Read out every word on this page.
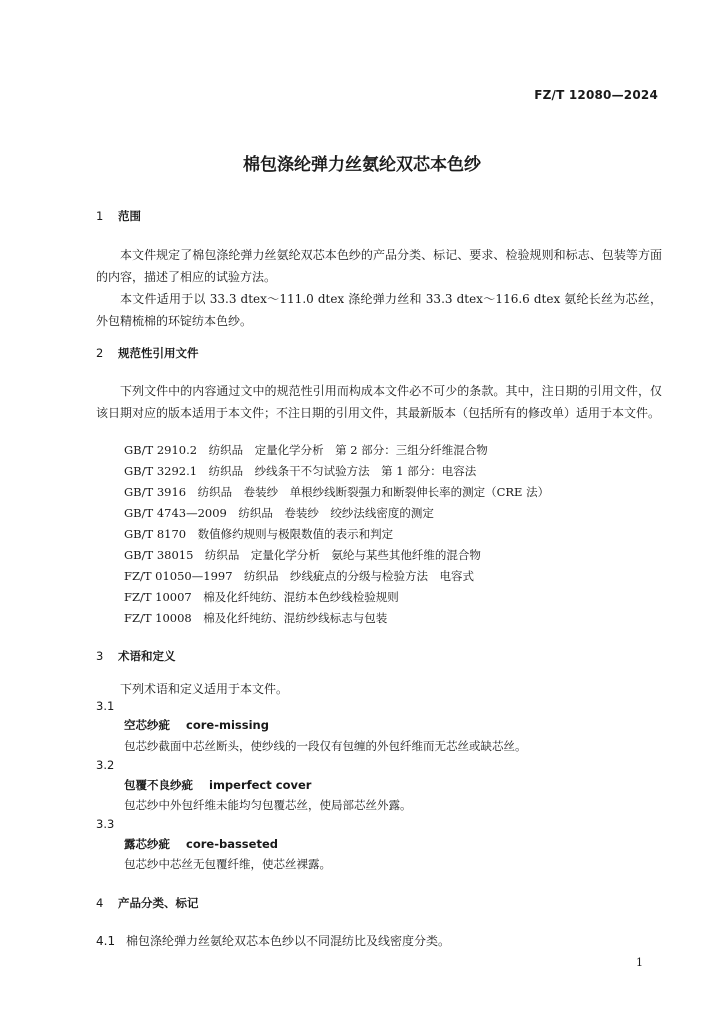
FZ/T 12080—2024
棉包涤纶弹力丝氨纶双芯本色纱
1 范围
本文件规定了棉包涤纶弹力丝氨纶双芯本色纱的产品分类、标记、要求、检验规则和标志、包装等方面的内容，描述了相应的试验方法。
本文件适用于以 33.3 dtex～111.0 dtex 涤纶弹力丝和 33.3 dtex～116.6 dtex 氨纶长丝为芯丝，外包精梳棉的环锭纺本色纱。
2 规范性引用文件
下列文件中的内容通过文中的规范性引用而构成本文件必不可少的条款。其中，注日期的引用文件，仅该日期对应的版本适用于本文件；不注日期的引用文件，其最新版本（包括所有的修改单）适用于本文件。
GB/T 2910.2　纺织品　定量化学分析　第 2 部分：三组分纤维混合物
GB/T 3292.1　纺织品　纱线条干不匀试验方法　第 1 部分：电容法
GB/T 3916　纺织品　卷装纱　单根纱线断裂强力和断裂伸长率的测定（CRE 法）
GB/T 4743—2009　纺织品　卷装纱　绞纱法线密度的测定
GB/T 8170　数值修约规则与极限数值的表示和判定
GB/T 38015　纺织品　定量化学分析　氨纶与某些其他纤维的混合物
FZ/T 01050—1997　纺织品　纱线疵点的分级与检验方法　电容式
FZ/T 10007　棉及化纤纯纺、混纺本色纱线检验规则
FZ/T 10008　棉及化纤纯纺、混纺纱线标志与包装
3 术语和定义
下列术语和定义适用于本文件。
3.1
空芯纱疵 core-missing
包芯纱截面中芯丝断头，使纱线的一段仅有包缠的外包纤维而无芯丝或缺芯丝。
3.2
包覆不良纱疵 imperfect cover
包芯纱中外包纤维未能均匀包覆芯丝，使局部芯丝外露。
3.3
露芯纱疵 core-basseted
包芯纱中芯丝无包覆纤维，使芯丝裸露。
4 产品分类、标记
4.1 棉包涤纶弹力丝氨纶双芯本色纱以不同混纺比及线密度分类。
1
